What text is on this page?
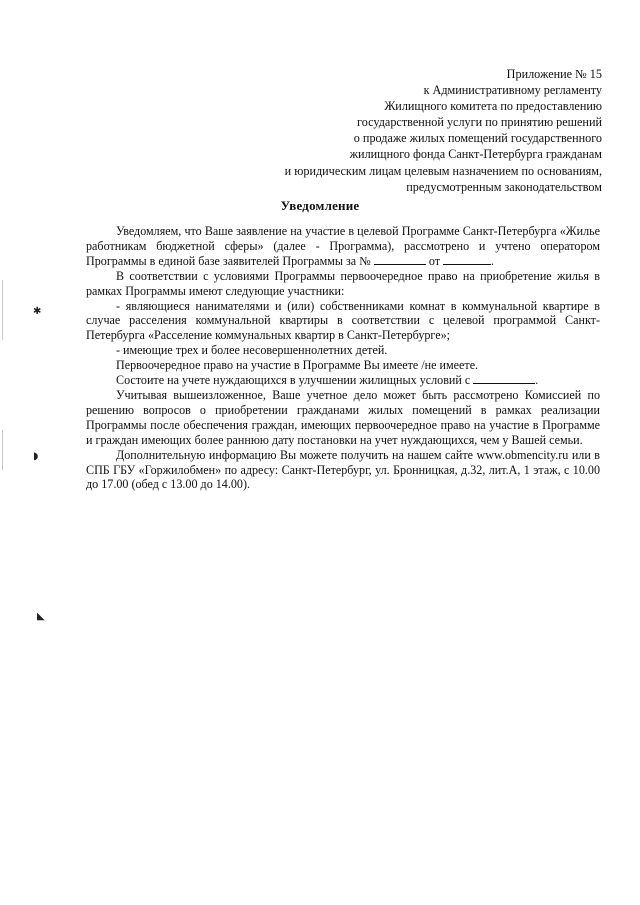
✱
◗
◣
Приложение № 15
к Административному регламенту
Жилищного комитета по предоставлению
государственной услуги по принятию решений
о продаже жилых помещений государственного
жилищного фонда Санкт-Петербурга гражданам
и юридическим лицам целевым назначением по основаниям,
предусмотренным законодательством
Уведомление

Уведомляем, что Ваше заявление на участие в целевой Программе Санкт-Петербурга «Жилье работникам бюджетной сферы» (далее - Программа), рассмотрено и учтено оператором Программы в единой базе заявителей Программы за №	от	.

В соответствии с условиями Программы первоочередное право на приобретение жилья в рамках Программы имеют следующие участники:

- являющиеся нанимателями и (или) собственниками комнат в коммунальной квартире в случае расселения коммунальной квартиры в соответствии с целевой программой Санкт-Петербурга «Расселение коммунальных квартир в Санкт-Петербурге»;

- имеющие трех и более несовершеннолетних детей.

Первоочередное право на участие в Программе Вы имеете /не имеете.

Состоите на учете нуждающихся в улучшении жилищных условий с	.

Учитывая вышеизложенное, Ваше учетное дело может быть рассмотрено Комиссией по решению вопросов о приобретении гражданами жилых помещений в рамках реализации Программы после обеспечения граждан, имеющих первоочередное право на участие в Программе и граждан имеющих более раннюю дату постановки на учет нуждающихся, чем у Вашей семьи.

Дополнительную информацию Вы можете получить на нашем сайте www.obmencity.ru или в СПБ ГБУ «Горжилобмен» по адресу: Санкт-Петербург, ул. Бронницкая, д.32, лит.А, 1 этаж, с 10.00 до 17.00 (обед с 13.00 до 14.00).
